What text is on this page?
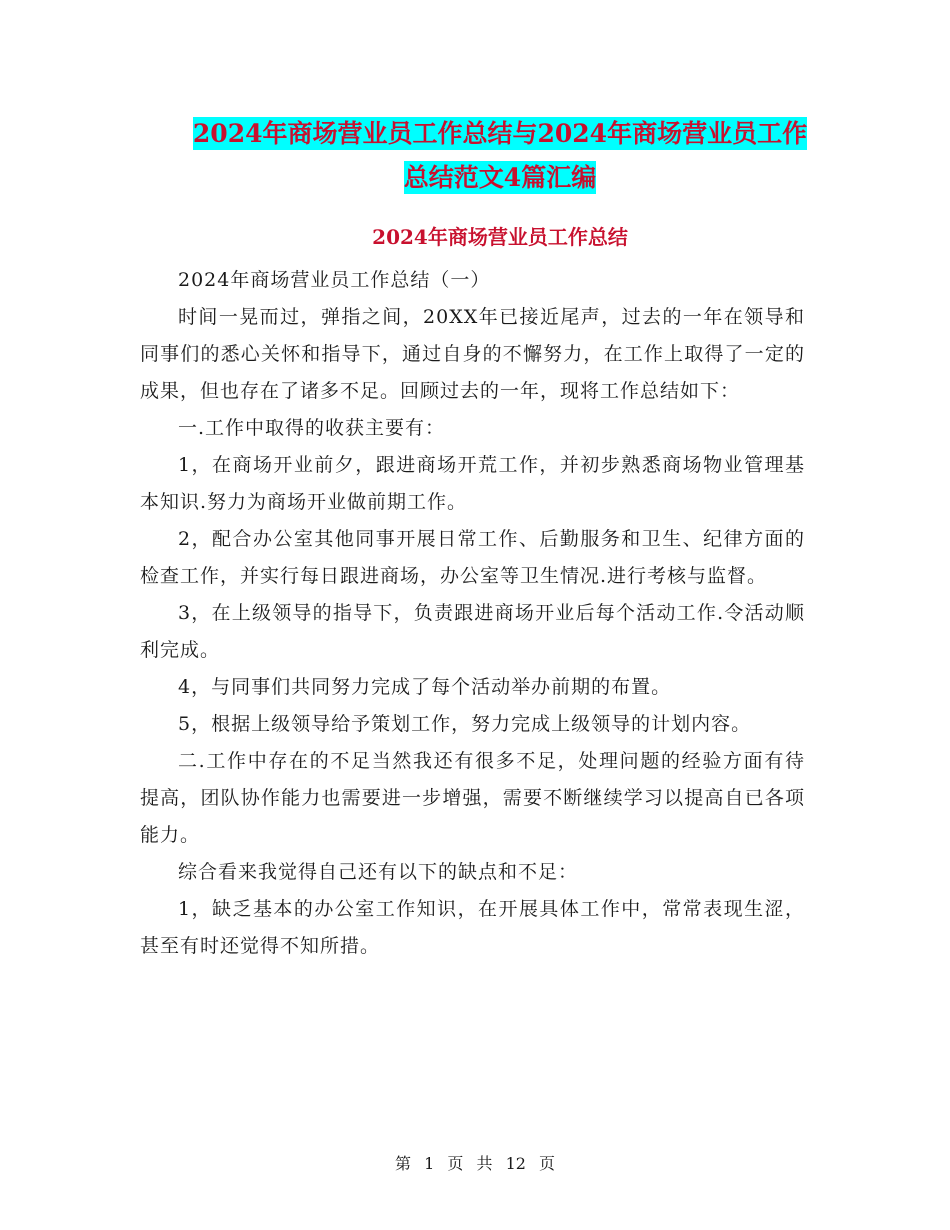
2024年商场营业员工作总结与2024年商场营业员工作
总结范文4篇汇编
2024年商场营业员工作总结

2024年商场营业员工作总结（一）

时间一晃而过，弹指之间，20XX年已接近尾声，过去的一年在领导和同事们的悉心关怀和指导下，通过自身的不懈努力，在工作上取得了一定的成果，但也存在了诸多不足。回顾过去的一年，现将工作总结如下：

一.工作中取得的收获主要有：

1，在商场开业前夕，跟进商场开荒工作，并初步熟悉商场物业管理基本知识.努力为商场开业做前期工作。

2，配合办公室其他同事开展日常工作、后勤服务和卫生、纪律方面的检查工作，并实行每日跟进商场，办公室等卫生情况.进行考核与监督。

3，在上级领导的指导下，负责跟进商场开业后每个活动工作.令活动顺利完成。

4，与同事们共同努力完成了每个活动举办前期的布置。

5，根据上级领导给予策划工作，努力完成上级领导的计划内容。

二.工作中存在的不足当然我还有很多不足，处理问题的经验方面有待提高，团队协作能力也需要进一步增强，需要不断继续学习以提高自已各项能力。

综合看来我觉得自己还有以下的缺点和不足：

1，缺乏基本的办公室工作知识，在开展具体工作中，常常表现生涩，甚至有时还觉得不知所措。

第 1 页 共 12 页
